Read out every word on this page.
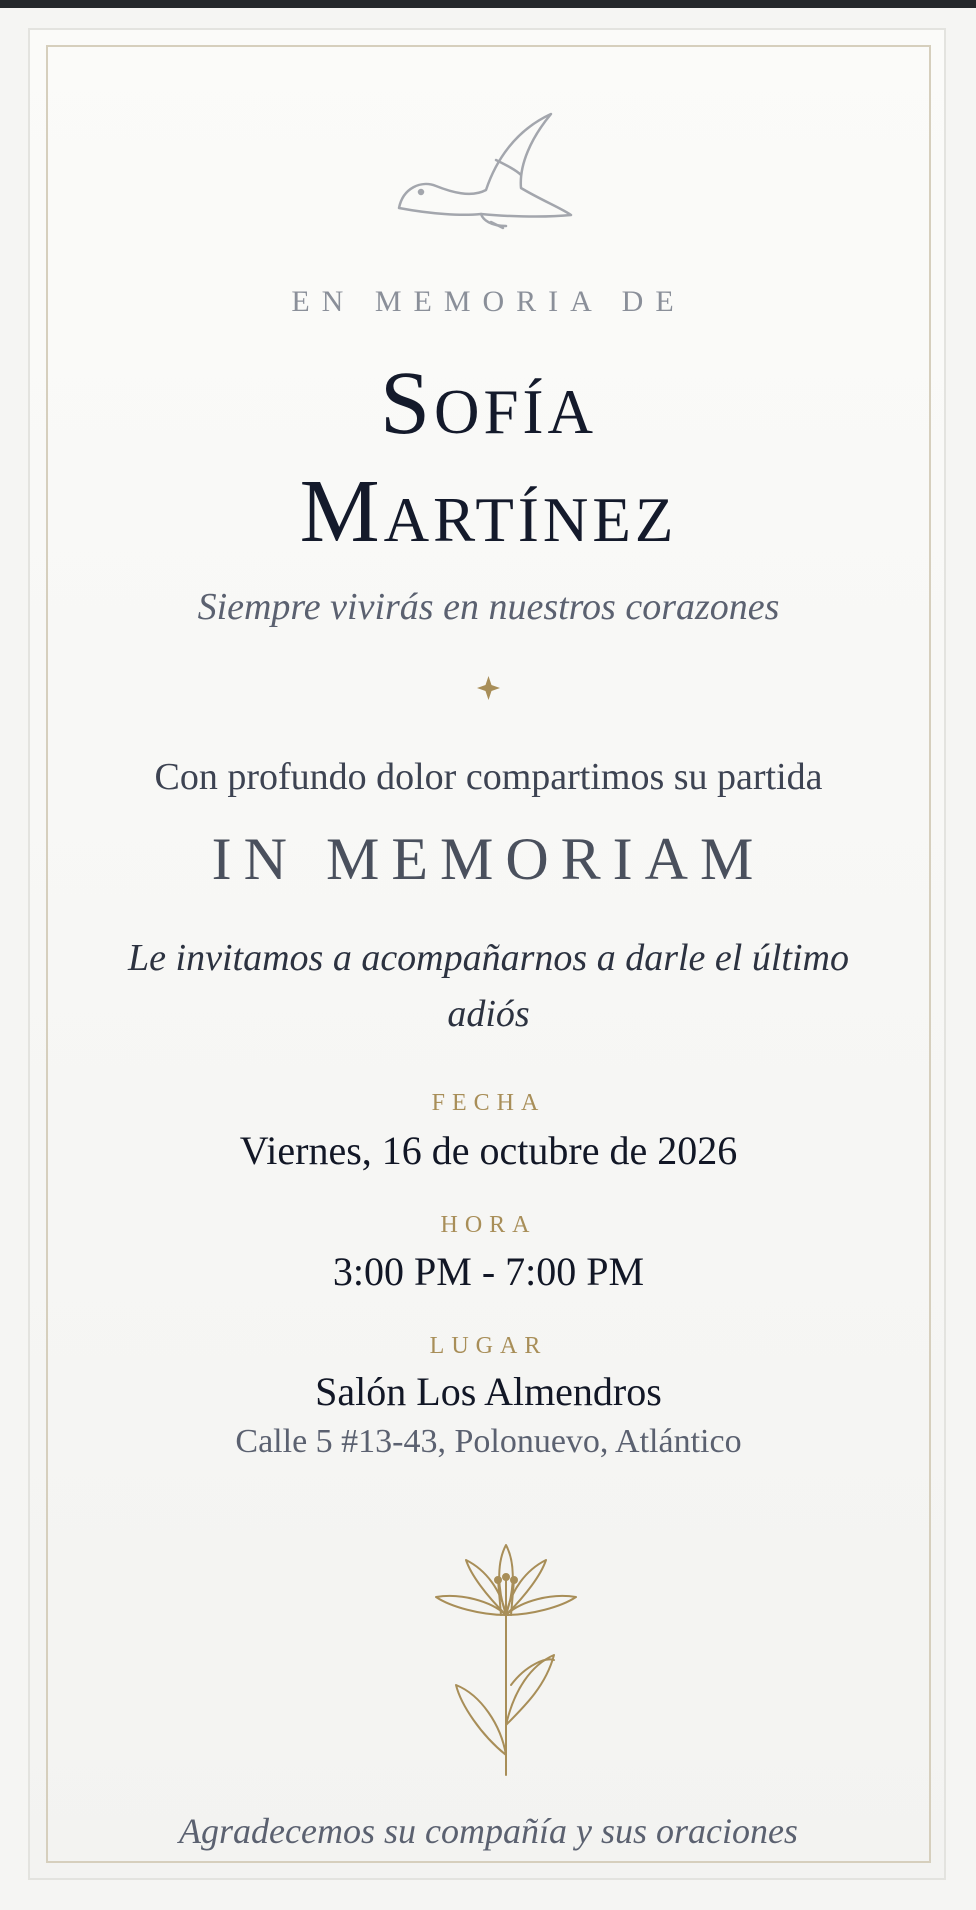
EN MEMORIA DE
Sofía
Martínez
Siempre vivirás en nuestros corazones
Con profundo dolor compartimos su partida
IN MEMORIAM
Le invitamos a acompañarnos a darle el último adiós
FECHA
Viernes, 16 de octubre de 2026
HORA
3:00 PM - 7:00 PM
LUGAR
Salón Los Almendros
Calle 5 #13-43, Polonuevo, Atlántico
Agradecemos su compañía y sus oraciones
